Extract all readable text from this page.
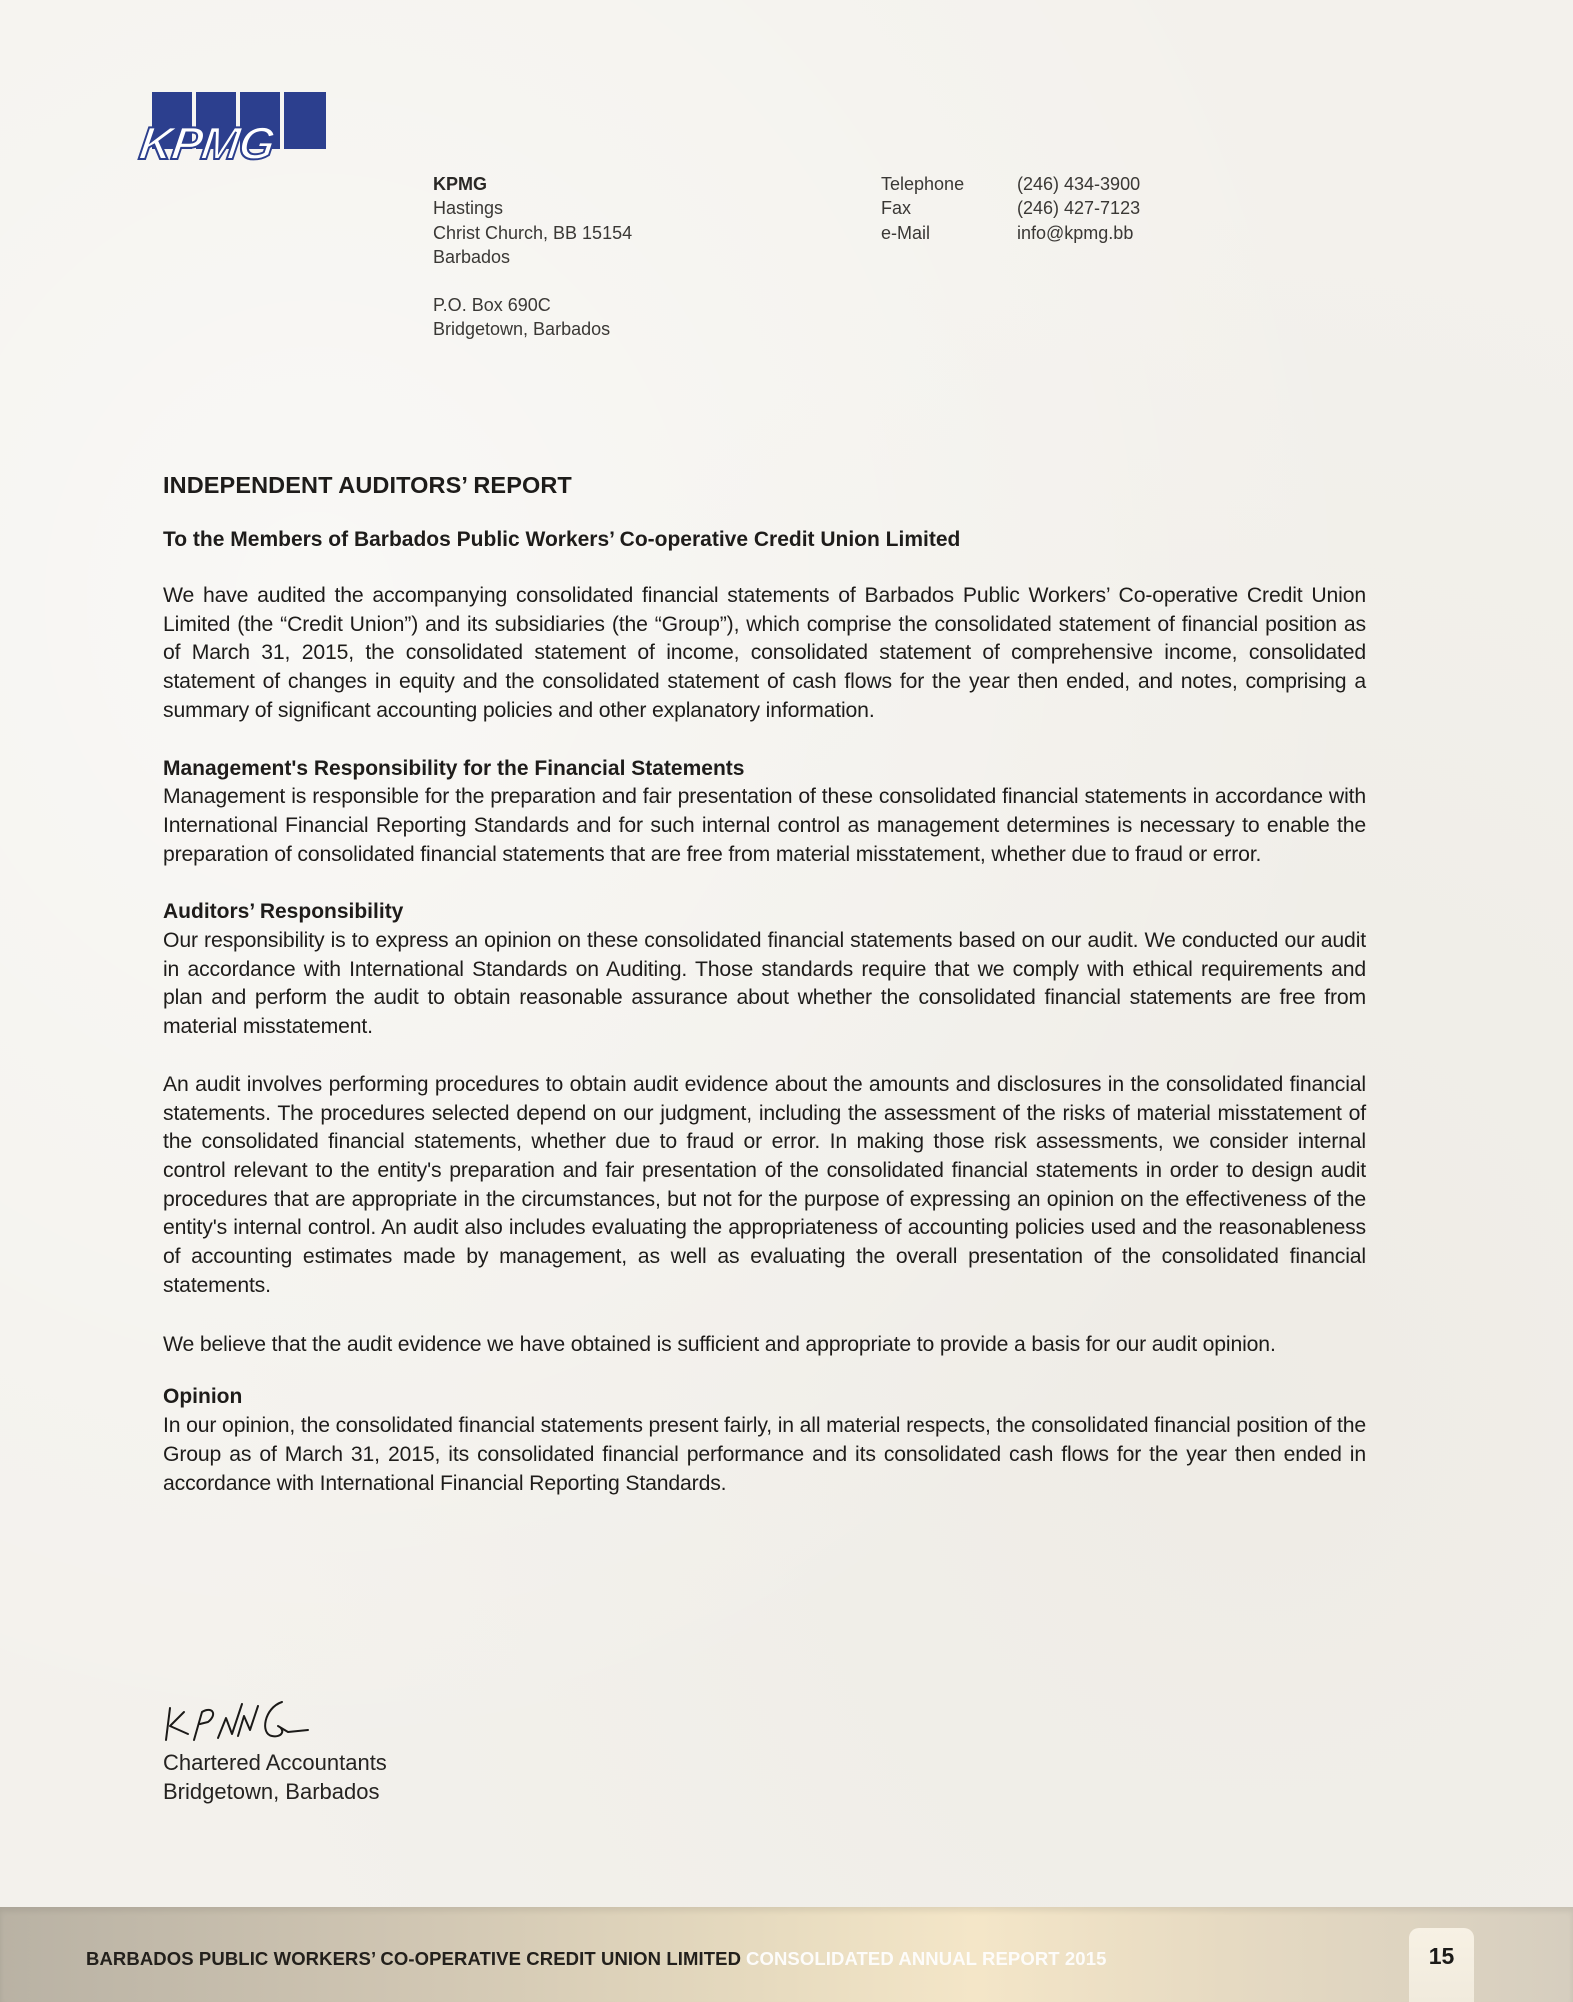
KPMG
KPMG
Hastings
Christ Church, BB 15154
Barbados
P.O. Box 690C
Bridgetown, Barbados
Telephone	(246) 434-3900
Fax	(246) 427-7123
e-Mail	info@kpmg.bb
INDEPENDENT AUDITORS’ REPORT
To the Members of Barbados Public Workers’ Co-operative Credit Union Limited

We have audited the accompanying consolidated financial statements of Barbados Public Workers’ Co-operative Credit Union Limited (the “Credit Union”) and its subsidiaries (the “Group”), which comprise the consolidated statement of financial position as of March 31, 2015, the consolidated statement of income, consolidated statement of comprehensive income, consolidated statement of changes in equity and the consolidated statement of cash flows for the year then ended, and notes, comprising a summary of significant accounting policies and other explanatory information.

Management's Responsibility for the Financial Statements

Management is responsible for the preparation and fair presentation of these consolidated financial statements in accordance with International Financial Reporting Standards and for such internal control as management determines is necessary to enable the preparation of consolidated financial statements that are free from material misstatement, whether due to fraud or error.

Auditors’ Responsibility

Our responsibility is to express an opinion on these consolidated financial statements based on our audit. We conducted our audit in accordance with International Standards on Auditing. Those standards require that we comply with ethical requirements and plan and perform the audit to obtain reasonable assurance about whether the consolidated financial statements are free from material misstatement.

An audit involves performing procedures to obtain audit evidence about the amounts and disclosures in the consolidated financial statements. The procedures selected depend on our judgment, including the assessment of the risks of material misstatement of the consolidated financial statements, whether due to fraud or error. In making those risk assessments, we consider internal control relevant to the entity's preparation and fair presentation of the consolidated financial statements in order to design audit procedures that are appropriate in the circumstances, but not for the purpose of expressing an opinion on the effectiveness of the entity's internal control. An audit also includes evaluating the appropriateness of accounting policies used and the reasonableness of accounting estimates made by management, as well as evaluating the overall presentation of the consolidated financial statements.

We believe that the audit evidence we have obtained is sufficient and appropriate to provide a basis for our audit opinion.

Opinion

In our opinion, the consolidated financial statements present fairly, in all material respects, the consolidated financial position of the Group as of March 31, 2015, its consolidated financial performance and its consolidated cash flows for the year then ended in accordance with International Financial Reporting Standards.

Chartered Accountants
Bridgetown, Barbados
BARBADOS PUBLIC WORKERS’ CO-OPERATIVE CREDIT UNION LIMITED CONSOLIDATED ANNUAL REPORT 2015	15
